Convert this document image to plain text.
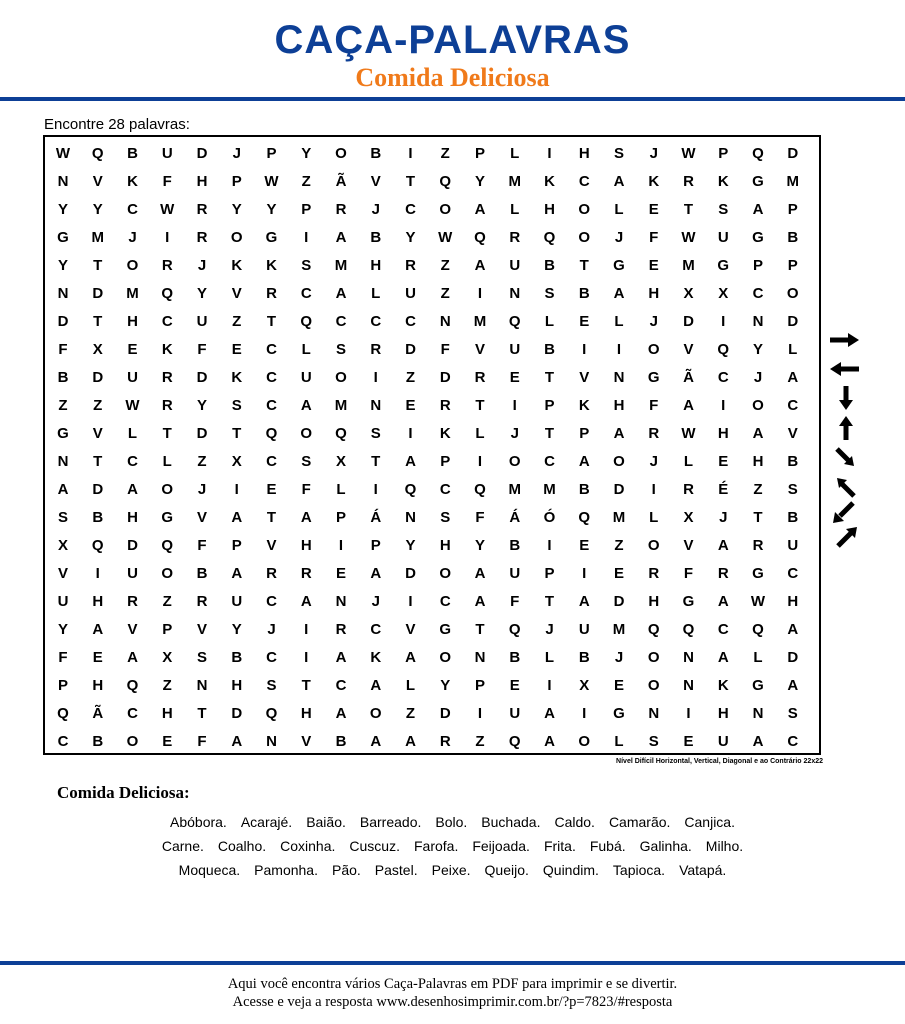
CAÇA-PALAVRAS
Comida Deliciosa
Encontre 28 palavras:
W	Q	B	U	D	J	P	Y	O	B	I	Z	P	L	I	H	S	J	W	P	Q	D
N	V	K	F	H	P	W	Z	Ã	V	T	Q	Y	M	K	C	A	K	R	K	G	M
Y	Y	C	W	R	Y	Y	P	R	J	C	O	A	L	H	O	L	E	T	S	A	P
G	M	J	I	R	O	G	I	A	B	Y	W	Q	R	Q	O	J	F	W	U	G	B
Y	T	O	R	J	K	K	S	M	H	R	Z	A	U	B	T	G	E	M	G	P	P
N	D	M	Q	Y	V	R	C	A	L	U	Z	I	N	S	B	A	H	X	X	C	O
D	T	H	C	U	Z	T	Q	C	C	C	N	M	Q	L	E	L	J	D	I	N	D
F	X	E	K	F	E	C	L	S	R	D	F	V	U	B	I	I	O	V	Q	Y	L
B	D	U	R	D	K	C	U	O	I	Z	D	R	E	T	V	N	G	Ã	C	J	A
Z	Z	W	R	Y	S	C	A	M	N	E	R	T	I	P	K	H	F	A	I	O	C
G	V	L	T	D	T	Q	O	Q	S	I	K	L	J	T	P	A	R	W	H	A	V
N	T	C	L	Z	X	C	S	X	T	A	P	I	O	C	A	O	J	L	E	H	B
A	D	A	O	J	I	E	F	L	I	Q	C	Q	M	M	B	D	I	R	É	Z	S
S	B	H	G	V	A	T	A	P	Á	N	S	F	Á	Ó	Q	M	L	X	J	T	B
X	Q	D	Q	F	P	V	H	I	P	Y	H	Y	B	I	E	Z	O	V	A	R	U
V	I	U	O	B	A	R	R	E	A	D	O	A	U	P	I	E	R	F	R	G	C
U	H	R	Z	R	U	C	A	N	J	I	C	A	F	T	A	D	H	G	A	W	H
Y	A	V	P	V	Y	J	I	R	C	V	G	T	Q	J	U	M	Q	Q	C	Q	A
F	E	A	X	S	B	C	I	A	K	A	O	N	B	L	B	J	O	N	A	L	D
P	H	Q	Z	N	H	S	T	C	A	L	Y	P	E	I	X	E	O	N	K	G	A
Q	Ã	C	H	T	D	Q	H	A	O	Z	D	I	U	A	I	G	N	I	H	N	S
C	B	O	E	F	A	N	V	B	A	A	R	Z	Q	A	O	L	S	E	U	A	C
Nível Difícil Horizontal, Vertical, Diagonal e ao Contrário 22x22
Comida Deliciosa:
Abóbora. Acarajé. Baião. Barreado. Bolo. Buchada. Caldo. Camarão. Canjica.
Carne. Coalho. Coxinha. Cuscuz. Farofa. Feijoada. Frita. Fubá. Galinha. Milho.
Moqueca. Pamonha. Pão. Pastel. Peixe. Queijo. Quindim. Tapioca. Vatapá.
Aqui você encontra vários Caça-Palavras em PDF para imprimir e se divertir.
Acesse e veja a resposta www.desenhosimprimir.com.br/?p=7823/#resposta
